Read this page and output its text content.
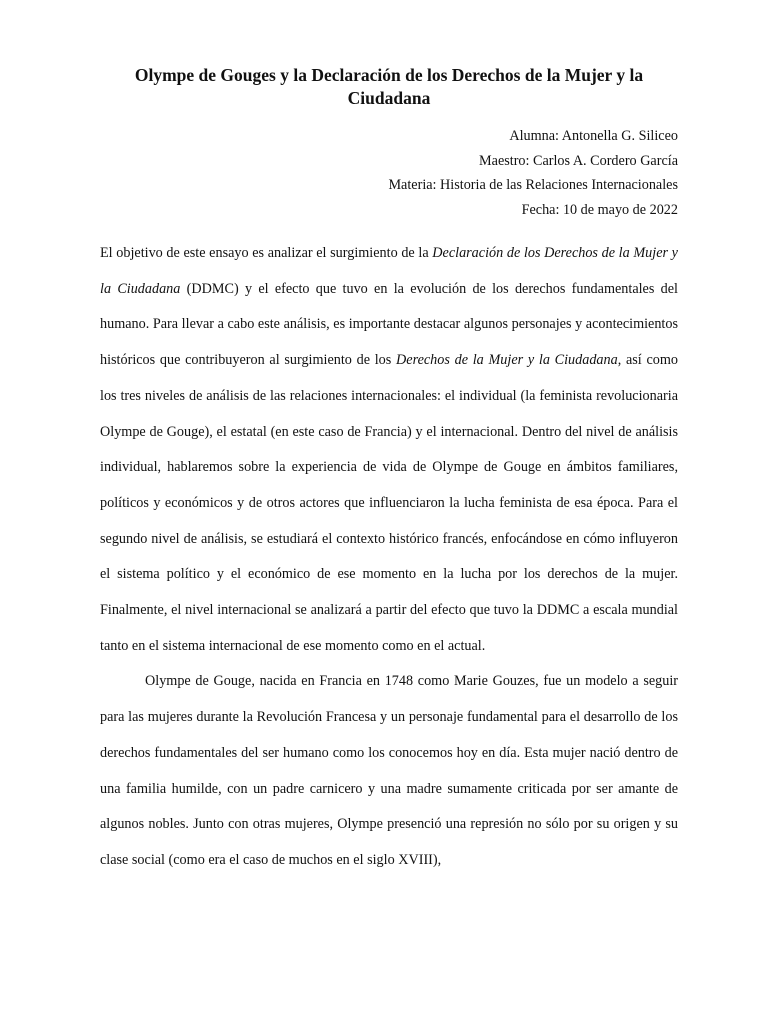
Olympe de Gouges y la Declaración de los Derechos de la Mujer y la Ciudadana
Alumna: Antonella G. Siliceo
Maestro: Carlos A. Cordero García
Materia: Historia de las Relaciones Internacionales
Fecha: 10 de mayo de 2022

El objetivo de este ensayo es analizar el surgimiento de la Declaración de los Derechos de la Mujer y la Ciudadana (DDMC) y el efecto que tuvo en la evolución de los derechos fundamentales del humano. Para llevar a cabo este análisis, es importante destacar algunos personajes y acontecimientos históricos que contribuyeron al surgimiento de los Derechos de la Mujer y la Ciudadana, así como los tres niveles de análisis de las relaciones internacionales: el individual (la feminista revolucionaria Olympe de Gouge), el estatal (en este caso de Francia) y el internacional. Dentro del nivel de análisis individual, hablaremos sobre la experiencia de vida de Olympe de Gouge en ámbitos familiares, políticos y económicos y de otros actores que influenciaron la lucha feminista de esa época. Para el segundo nivel de análisis, se estudiará el contexto histórico francés, enfocándose en cómo influyeron el sistema político y el económico de ese momento en la lucha por los derechos de la mujer. Finalmente, el nivel internacional se analizará a partir del efecto que tuvo la DDMC a escala mundial tanto en el sistema internacional de ese momento como en el actual.

Olympe de Gouge, nacida en Francia en 1748 como Marie Gouzes, fue un modelo a seguir para las mujeres durante la Revolución Francesa y un personaje fundamental para el desarrollo de los derechos fundamentales del ser humano como los conocemos hoy en día. Esta mujer nació dentro de una familia humilde, con un padre carnicero y una madre sumamente criticada por ser amante de algunos nobles. Junto con otras mujeres, Olympe presenció una represión no sólo por su origen y su clase social (como era el caso de muchos en el siglo XVIII),
